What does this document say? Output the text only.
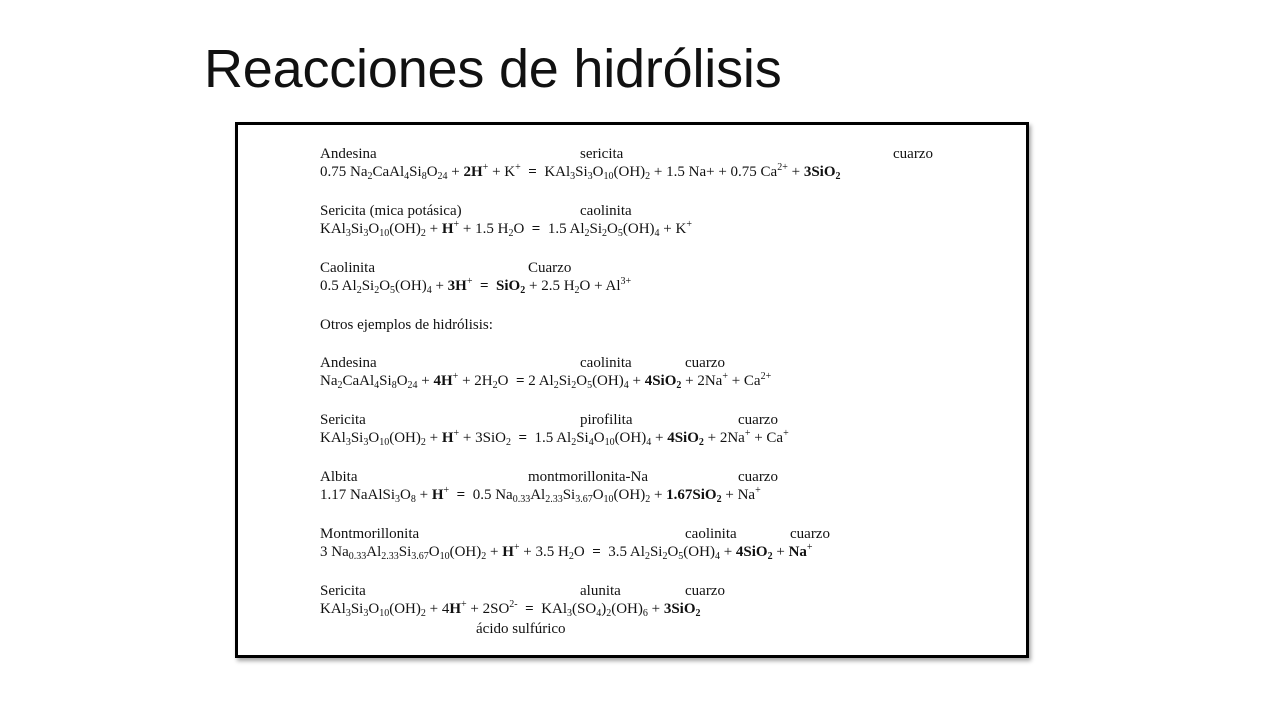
Reacciones de hidrólisis
Andesina	sericita	cuarzo
0.75 $Na_2CaAl_4Si_8O_{24} + 2H^+ + K^+ = KAl_3Si_3O_{10}(OH)_2 + 1.5$ Na+ + 0.75 $Ca^{2+} + 3SiO_2$
Sericita (mica potásica)	caolinita
$KAl_3Si_3O_{10}(OH)_2 + H^+ + 1.5$ $H_2O = 1.5$ $Al_2Si_2O_5(OH)_4 + K^+$
Caolinita	Cuarzo
0.5 $Al_2Si_2O_5(OH)_4 + 3H^+ = SiO_2 + 2.5$ $H_2O + Al^{3+}$
Otros ejemplos de hidrólisis:
Andesina	caolinita	cuarzo
$Na_2CaAl_4Si_8O_{24} + 4H^+ + 2H_2O = 2$ $Al_2Si_2O_5(OH)_4 + 4SiO_2 + 2Na^+ + Ca^{2+}$
Sericita	pirofilita	cuarzo
$KAl_3Si_3O_{10}(OH)_2 + H^+ + 3SiO_2 = 1.5$ $Al_2Si_4O_{10}(OH)_4 + 4SiO_2 + 2Na^+ + Ca^+$
Albita	montmorillonita-Na	cuarzo
1.17 $NaAlSi_3O_8 + H^+ = 0.5$ $Na_{0.33}Al_{2.33}Si_{3.67}O_{10}(OH)_2 + 1.67SiO_2 + Na^+$
Montmorillonita	caolinita	cuarzo
3 $Na_{0.33}Al_{2.33}Si_{3.67}O_{10}(OH)_2 + H^+ + 3.5$ $H_2O = 3.5$ $Al_2Si_2O_5(OH)_4 + 4SiO_2 + Na^+$
Sericita	alunita	cuarzo
$KAl_3Si_3O_{10}(OH)_2 + 4H^+ + 2SO^{2-} = KAl_3(SO_4)_2(OH)_6 + 3SiO_2$
ácido sulfúrico
